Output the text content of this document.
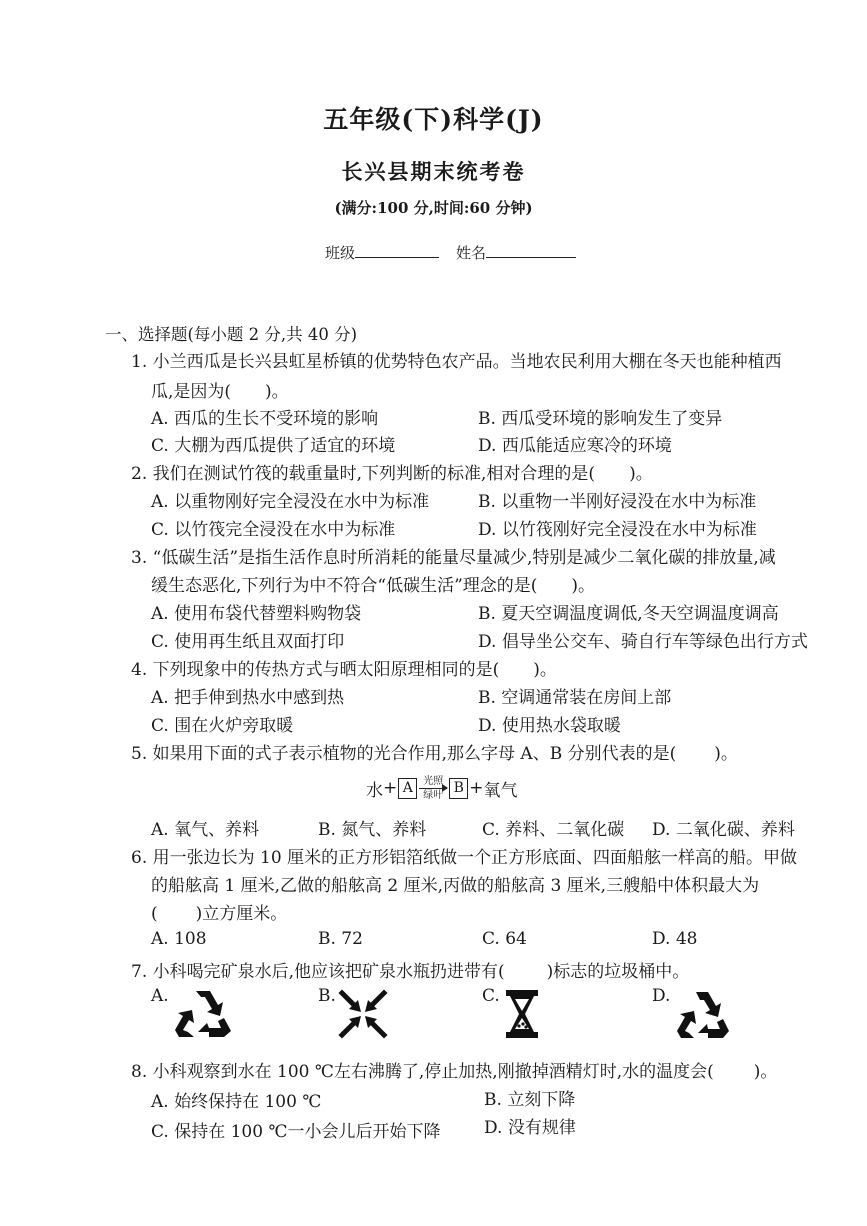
五年级(下)科学(J)
长兴县期末统考卷
(满分:100 分,时间:60 分钟)
班级	姓名
一、选择题(每小题 2 分,共 40 分)
1. 小兰西瓜是长兴县虹星桥镇的优势特色农产品。当地农民利用大棚在冬天也能种植西
瓜,是因为( )。
A. 西瓜的生长不受环境的影响	B. 西瓜受环境的影响发生了变异
C. 大棚为西瓜提供了适宜的环境	D. 西瓜能适应寒冷的环境
2. 我们在测试竹筏的载重量时,下列判断的标准,相对合理的是( )。
A. 以重物刚好完全浸没在水中为标准	B. 以重物一半刚好浸没在水中为标准
C. 以竹筏完全浸没在水中为标准	D. 以竹筏刚好完全浸没在水中为标准
3. “低碳生活”是指生活作息时所消耗的能量尽量减少,特别是减少二氧化碳的排放量,减
缓生态恶化,下列行为中不符合“低碳生活”理念的是( )。
A. 使用布袋代替塑料购物袋	B. 夏天空调温度调低,冬天空调温度调高
C. 使用再生纸且双面打印	D. 倡导坐公交车、骑自行车等绿色出行方式
4. 下列现象中的传热方式与晒太阳原理相同的是( )。
A. 把手伸到热水中感到热	B. 空调通常装在房间上部
C. 围在火炉旁取暖	D. 使用热水袋取暖
5. 如果用下面的式子表示植物的光合作用,那么字母 A、B 分别代表的是( )。
水 + A	光照
绿叶 B + 氧气
A. 氧气、养料	B. 氮气、养料	C. 养料、二氧化碳 D. 二氧化碳、养料
6. 用一张边长为 10 厘米的正方形铝箔纸做一个正方形底面、四面船舷一样高的船。甲做
的船舷高 1 厘米,乙做的船舷高 2 厘米,丙做的船舷高 3 厘米,三艘船中体积最大为
( )立方厘米。
A. 108	B. 72	C. 64	D. 48
7. 小科喝完矿泉水后,他应该把矿泉水瓶扔进带有( )标志的垃圾桶中。
A.	B.	C.	D.
8. 小科观察到水在 100 ℃左右沸腾了,停止加热,刚撤掉酒精灯时,水的温度会( )。
A. 始终保持在 100 ℃	B. 立刻下降
C. 保持在 100 ℃一小会儿后开始下降	D. 没有规律
